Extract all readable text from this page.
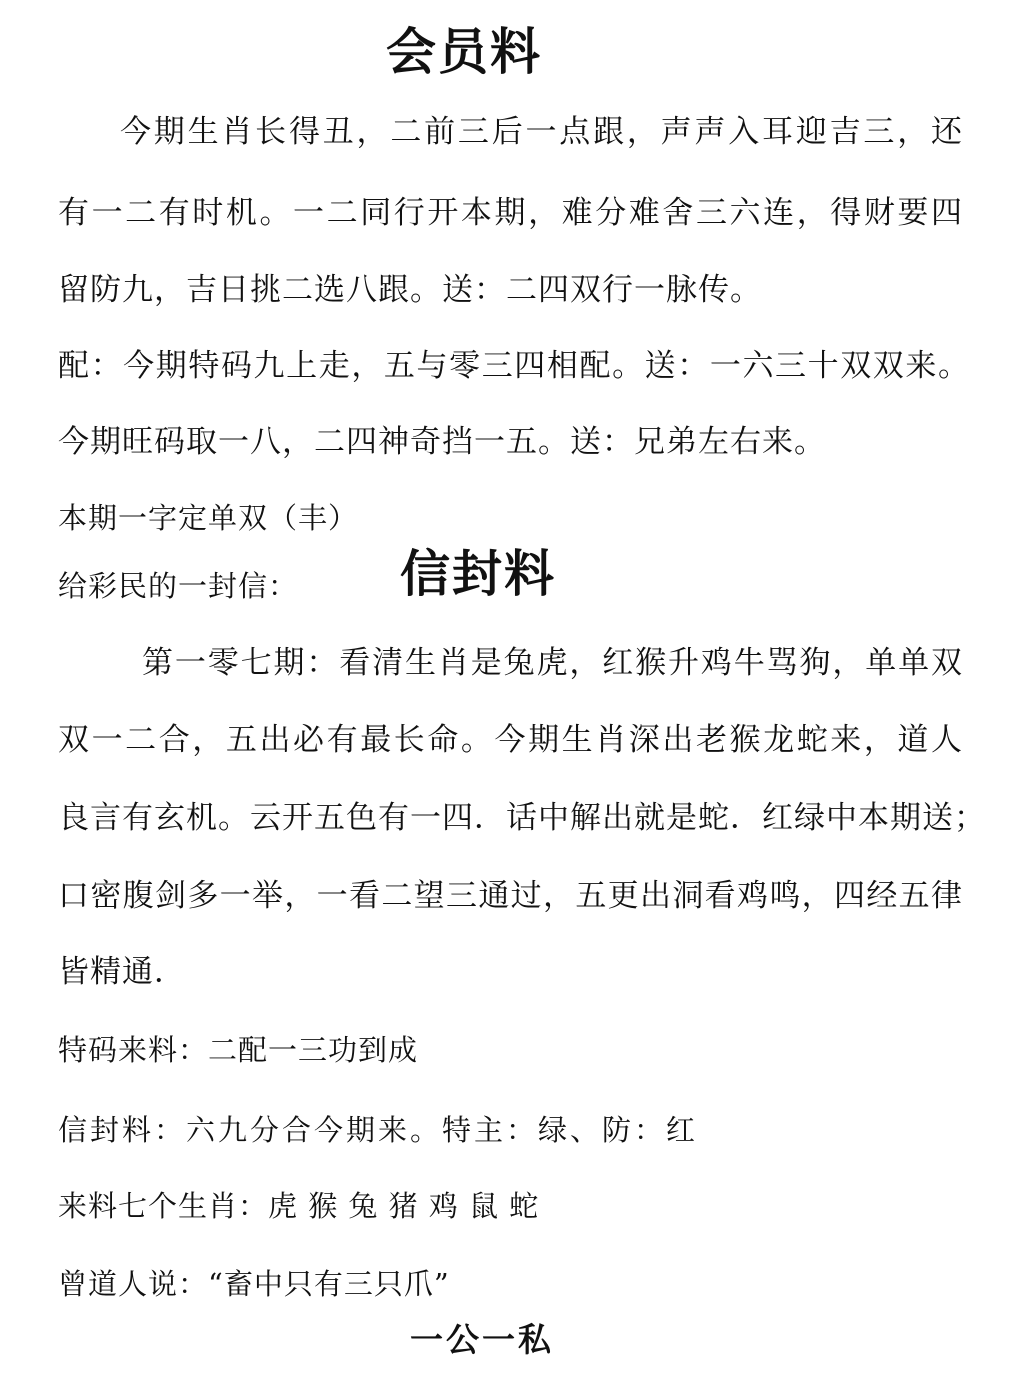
会员料
今期生肖长得丑，二前三后一点跟，声声入耳迎吉三，还
有一二有时机。一二同行开本期，难分难舍三六连，得财要四
留防九，吉日挑二选八跟。送：二四双行一脉传。
配：今期特码九上走，五与零三四相配。送：一六三十双双来。
今期旺码取一八，二四神奇挡一五。送：兄弟左右来。
本期一字定单双（丰）
给彩民的一封信： 信封料
第一零七期：看清生肖是兔虎，红猴升鸡牛骂狗，单单双
双一二合，五出必有最长命。今期生肖深出老猴龙蛇来，道人
良言有玄机。云开五色有一四．话中解出就是蛇．红绿中本期送；
口密腹剑多一举，一看二望三通过，五更出洞看鸡鸣，四经五律
皆精通．
特码来料：二配一三功到成
信封料：六九分合今期来。特主：绿、防：红
来料七个生肖：虎 猴 兔 猪 鸡 鼠 蛇
曾道人说：“畜中只有三只爪”
一公一私
